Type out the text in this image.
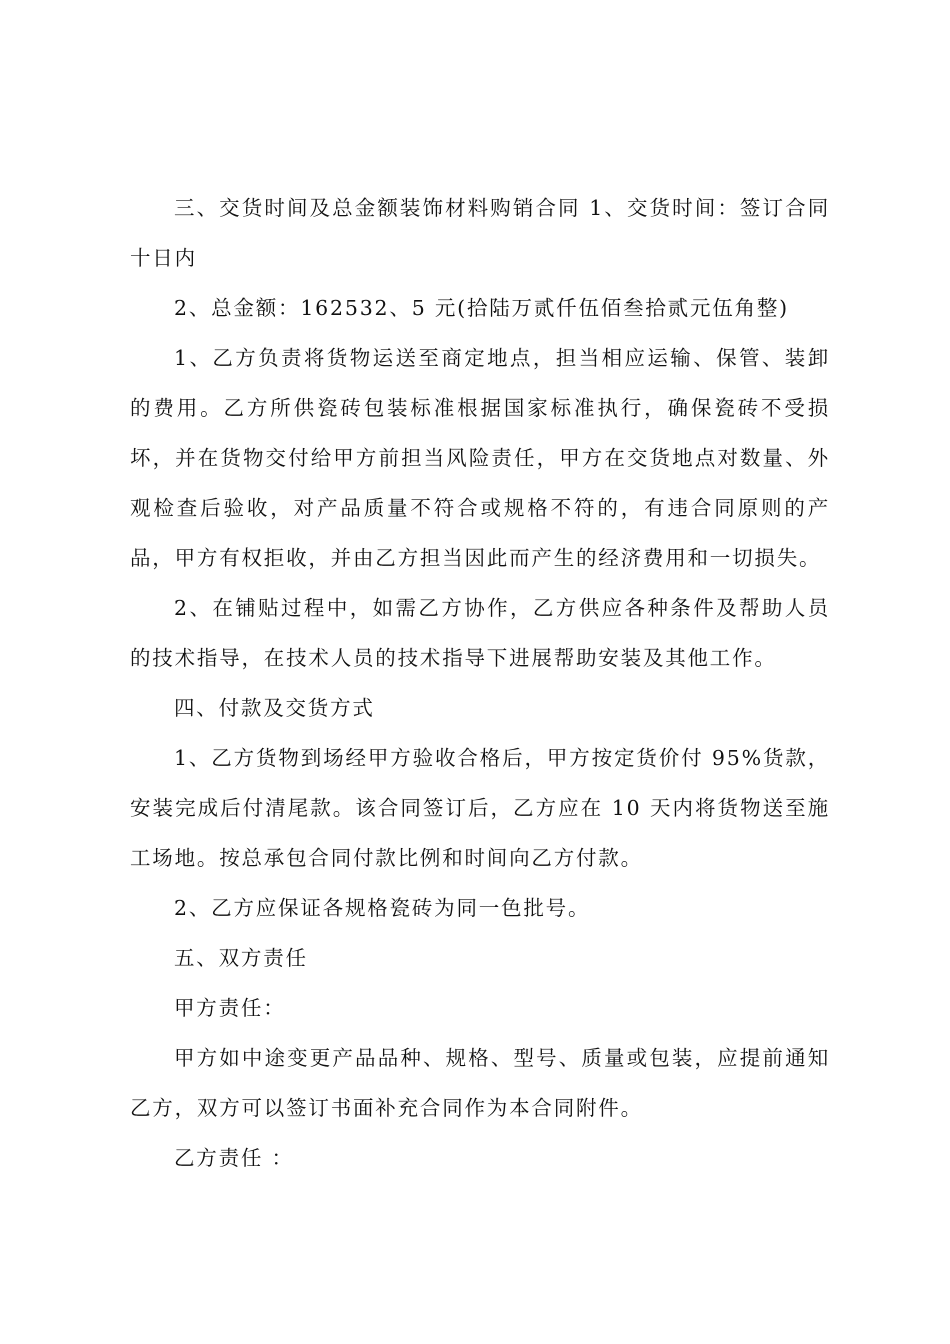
三、交货时间及总金额装饰材料购销合同 1、交货时间：签订合同十日内

2、总金额：162532、5 元(拾陆万贰仟伍佰叁拾贰元伍角整)

1、乙方负责将货物运送至商定地点，担当相应运输、保管、装卸的费用。乙方所供瓷砖包装标准根据国家标准执行，确保瓷砖不受损坏，并在货物交付给甲方前担当风险责任，甲方在交货地点对数量、外观检查后验收，对产品质量不符合或规格不符的，有违合同原则的产品，甲方有权拒收，并由乙方担当因此而产生的经济费用和一切损失。

2、在铺贴过程中，如需乙方协作，乙方供应各种条件及帮助人员的技术指导，在技术人员的技术指导下进展帮助安装及其他工作。

四、付款及交货方式

1、乙方货物到场经甲方验收合格后，甲方按定货价付 95%货款，安装完成后付清尾款。该合同签订后，乙方应在 10 天内将货物送至施工场地。按总承包合同付款比例和时间向乙方付款。

2、乙方应保证各规格瓷砖为同一色批号。

五、双方责任

甲方责任：

甲方如中途变更产品品种、规格、型号、质量或包装，应提前通知乙方，双方可以签订书面补充合同作为本合同附件。

乙方责任 ：
